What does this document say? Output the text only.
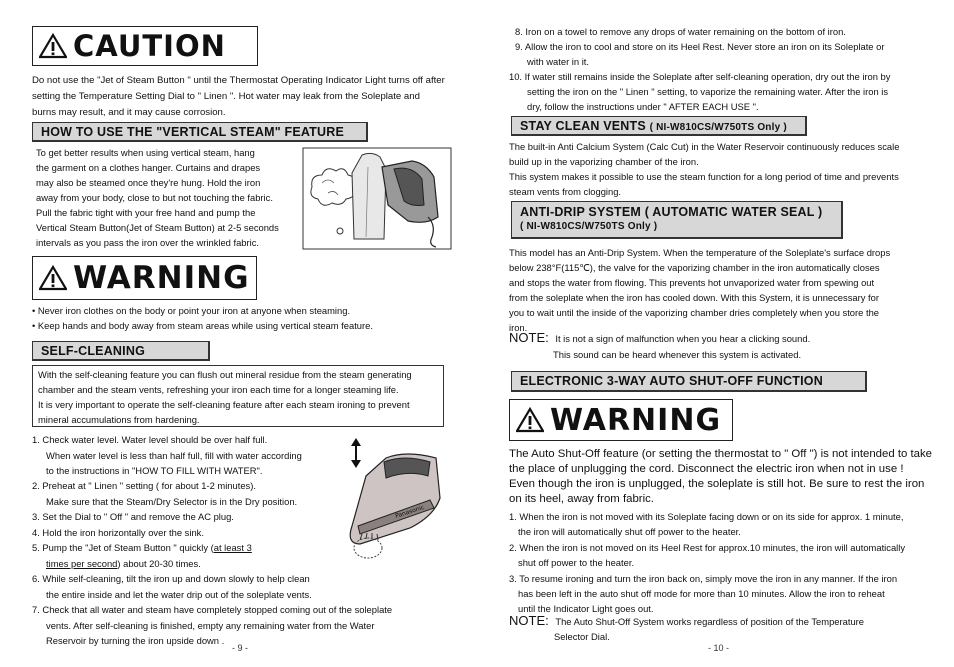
CAUTION
Do not use the "Jet of Steam Button " until the Thermostat Operating Indicator Light turns off after setting the Temperature Setting Dial to " Linen ". Hot water may leak from the Soleplate and burns may result, and it may cause corrosion.
HOW TO USE THE "VERTICAL STEAM" FEATURE
To get better results when using vertical steam, hang
the garment on a clothes hanger. Curtains and drapes
may also be steamed once they're hung. Hold the iron
away from your body, close to but not touching the fabric.
Pull the fabric tight with your free hand and pump the
Vertical Steam Button(Jet of Steam Button) at 2-5 seconds
intervals as you pass the iron over the wrinkled fabric.
WARNING
• Never iron clothes on the body or point your iron at anyone when steaming.
• Keep hands and body away from steam areas while using vertical steam feature.
SELF-CLEANING
With the self-cleaning feature you can flush out mineral residue from the steam generating
chamber and the steam vents, refreshing your iron each time for a longer steaming life.
It is very important to operate the self-cleaning feature after each steam ironing to prevent
mineral accumulations from hardening.
1. Check water level. Water level should be over half full.
When water level is less than half full, fill with water according
to the instructions in "HOW TO FILL WITH WATER".
2. Preheat at " Linen " setting ( for about 1-2 minutes).
Make sure that the Steam/Dry Selector is in the Dry position.
3. Set the Dial to " Off " and remove the AC plug.
4. Hold the iron horizontally over the sink.
5. Pump the "Jet of Steam Button " quickly (at least 3
times per second) about 20-30 times.
6. While self-cleaning, tilt the iron up and down slowly to help clean
the entire inside and let the water drip out of the soleplate vents.
7. Check that all water and steam have completely stopped coming out of the soleplate
vents. After self-cleaning is finished, empty any remaining water from the Water
Reservoir by turning the iron upside down .
Panasonic
- 9 -
8. Iron on a towel to remove any drops of water remaining on the bottom of iron.
9. Allow the iron to cool and store on its Heel Rest. Never store an iron on its Soleplate or
with water in it.
10. If water still remains inside the Soleplate after self-cleaning operation, dry out the iron by
setting the iron on the " Linen " setting, to vaporize the remaining water. After the iron is
dry, follow the instructions under " AFTER EACH USE ".
STAY CLEAN VENTS ( NI-W810CS/W750TS Only )
The built-in Anti Calcium System (Calc Cut) in the Water Reservoir continuously reduces scale
build up in the vaporizing chamber of the iron.
This system makes it possible to use the steam function for a long period of time and prevents
steam vents from clogging.
ANTI-DRIP SYSTEM ( AUTOMATIC WATER SEAL )
( NI-W810CS/W750TS Only )
This model has an Anti-Drip System. When the temperature of the Soleplate's surface drops
below 238°F(115℃), the valve for the vaporizing chamber in the iron automatically closes
and stops the water from flowing. This prevents hot unvaporized water from spewing out
from the soleplate when the iron has cooled down. With this System, it is unnecessary for
you to wait until the inside of the vaporizing chamber dries completely when you store the
iron.
NOTE: It is not a sign of malfunction when you hear a clicking sound.
This sound can be heard whenever this system is activated.
ELECTRONIC 3-WAY AUTO SHUT-OFF FUNCTION
WARNING
The Auto Shut-Off feature (or setting the thermostat to " Off ") is not intended to take
the place of unplugging the cord. Disconnect the electric iron when not in use !
Even though the iron is unplugged, the soleplate is still hot. Be sure to rest the iron
on its heel, away from fabric.
1. When the iron is not moved with its Soleplate facing down or on its side for approx. 1 minute,
the iron will automatically shut off power to the heater.
2. When the iron is not moved on its Heel Rest for approx.10 minutes, the iron will automatically
shut off power to the heater.
3. To resume ironing and turn the iron back on, simply move the iron in any manner. If the iron
has been left in the auto shut off mode for more than 10 minutes. Allow the iron to reheat
until the Indicator Light goes out.
NOTE: The Auto Shut-Off System works regardless of position of the Temperature
Selector Dial.
- 10 -
